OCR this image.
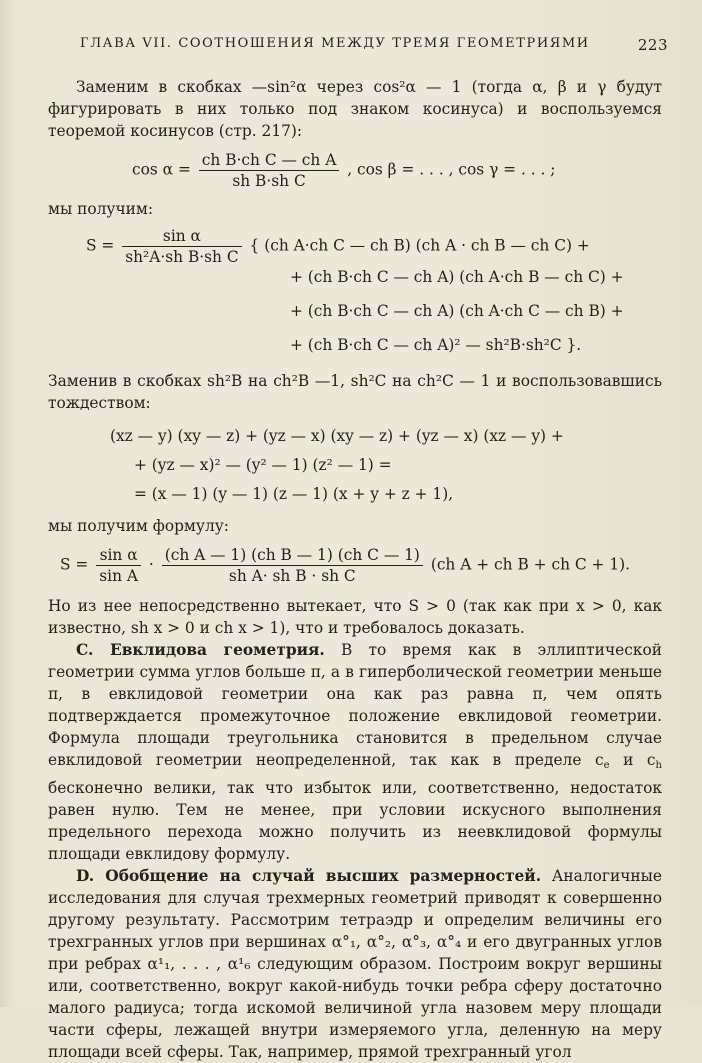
ГЛАВА VII. СООТНОШЕНИЯ МЕЖДУ ТРЕМЯ ГЕОМЕТРИЯМИ	223

Заменим в скобках —sin²α через cos²α — 1 (тогда α, β и γ будут фигурировать в них только под знаком косинуса) и воспользуемся теоремой косинусов (стр. 217):

$\cos \alpha = \frac{\text{ch B·ch C — ch A}}{\text{sh B·sh C}}$ , cos β = . . . , cos γ = . . . ;

мы получим:

$S = \frac{\text{sin α}}{\text{sh²A·sh B·sh C}}$ { (ch A·ch C — ch B) (ch A · ch B — ch C) +
+ (ch B·ch C — ch A) (ch A·ch B — ch C) +
+ (ch B·ch C — ch A) (ch A·ch C — ch B) +
+ (ch B·ch C — ch A)² — sh²B·sh²C }.

Заменив в скобках sh²B на ch²B —1, sh²C на ch²C — 1 и воспользовавшись тождеством:

(xz — y) (xy — z) + (yz — x) (xy — z) + (yz — x) (xz — y) +
+ (yz — x)² — (y² — 1) (z² — 1) =
= (x — 1) (y — 1) (z — 1) (x + y + z + 1),

мы получим формулу:

$S = \frac{\text{sin α}}{\text{sin A}} \cdot \frac{\text{(ch A — 1) (ch B — 1) (ch C — 1)}}{\text{sh A· sh B · sh C}} (ch$ A + ch B + ch C + 1).

Но из нее непосредственно вытекает, что S > 0 (так как при x > 0, как известно, sh x > 0 и ch x > 1), что и требовалось доказать.

C. Евклидова геометрия. В то время как в эллиптической геометрии сумма углов больше π, а в гиперболической геометрии меньше π, в евклидовой геометрии она как раз равна π, чем опять подтверждается промежуточное положение евклидовой геометрии. Формула площади треугольника становится в предельном случае евклидовой геометрии неопределенной, так как в пределе $c_e$ и $c_h$ бесконечно велики, так что избыток или, соответственно, недостаток равен нулю. Тем не менее, при условии искусного выполнения предельного перехода можно получить из неевклидовой формулы площади евклидову формулу.

D. Обобщение на случай высших размерностей. Аналогичные исследования для случая трехмерных геометрий приводят к совершенно другому результату. Рассмотрим тетраэдр и определим величины его трехгранных углов при вершинах α°₁, α°₂, α°₃, α°₄ и его двугранных углов при ребрах α¹₁, . . . , α¹₆ следующим образом. Построим вокруг вершины или, соответственно, вокруг какой-нибудь точки ребра сферу достаточно малого радиуса; тогда искомой величиной угла назовем меру площади части сферы, лежащей внутри измеряемого угла, деленную на меру площади всей сферы. Так, например, прямой трехгранный угол
